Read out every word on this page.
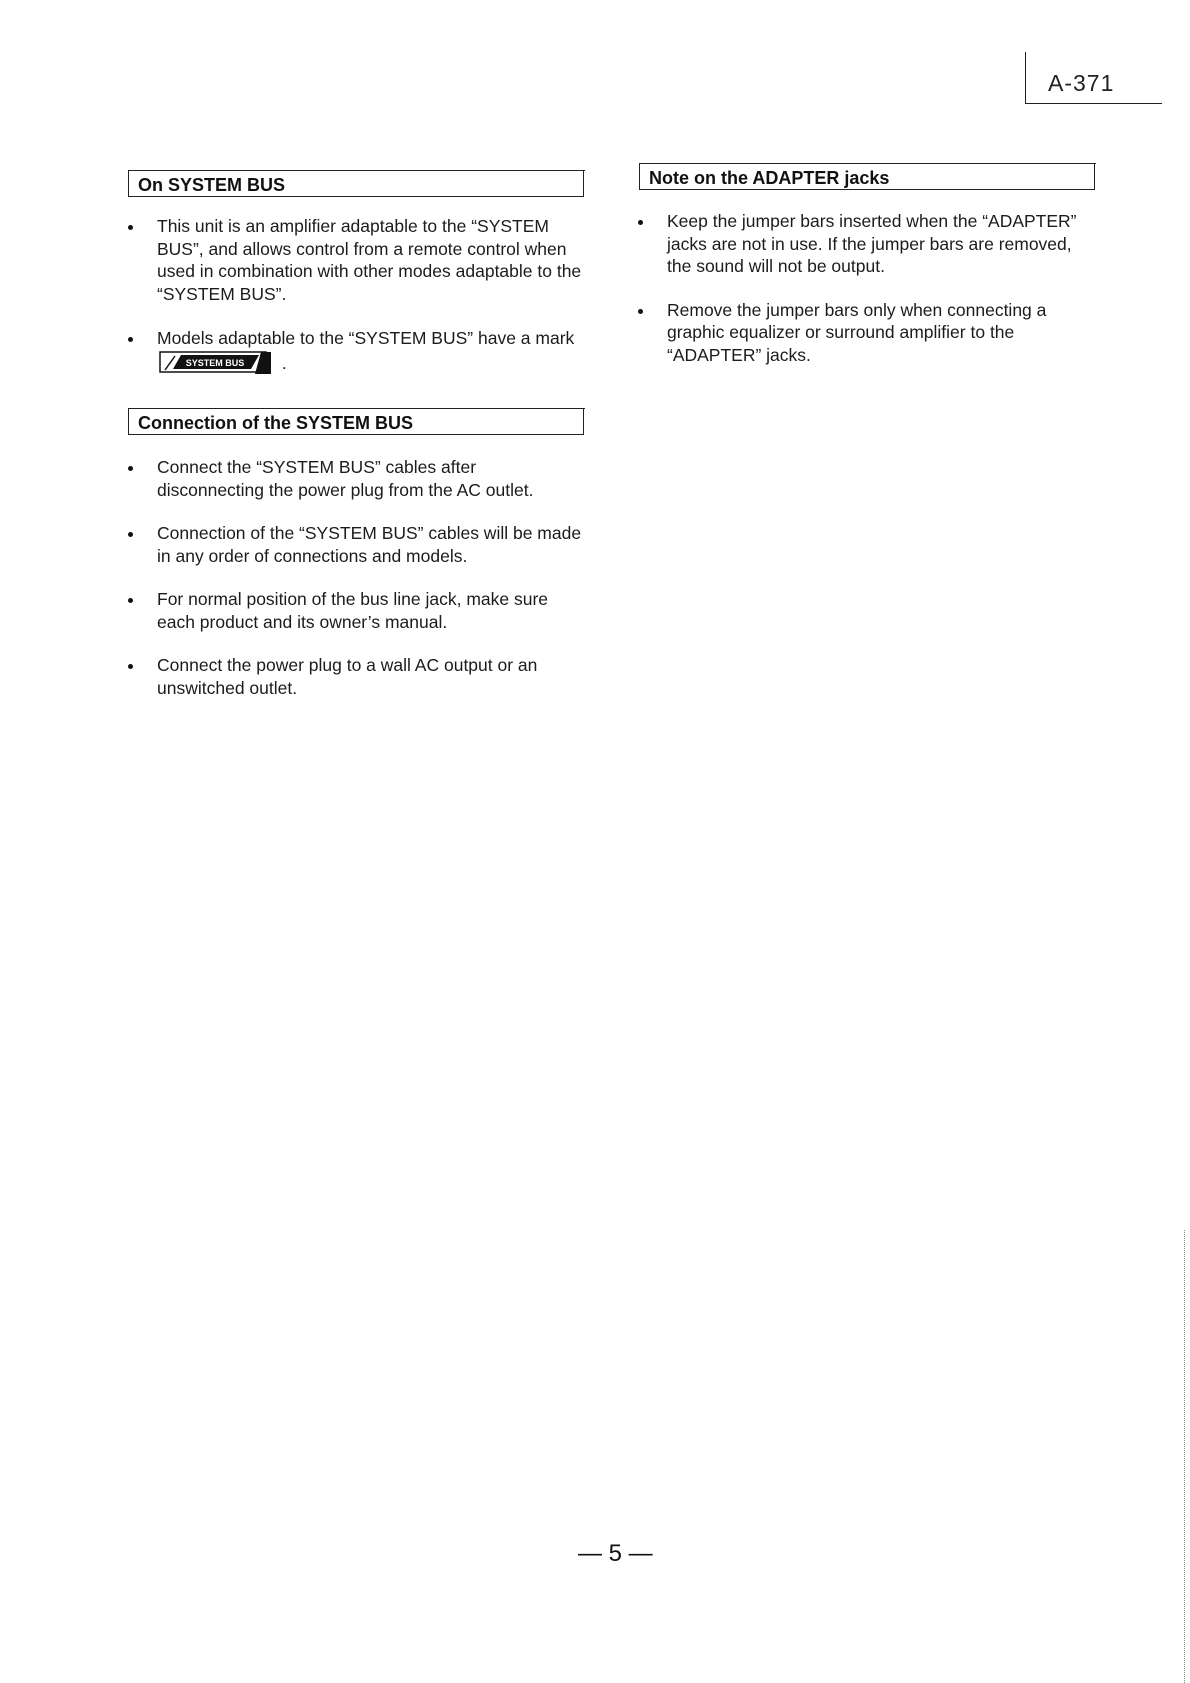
A-371
On SYSTEM BUS
This unit is an amplifier adaptable to the “SYSTEM BUS”, and allows control from a remote control when used in combination with other modes adaptable to the “SYSTEM BUS”.
Models adaptable to the “SYSTEM BUS” have a mark
SYSTEM BUS .
Connection of the SYSTEM BUS
Connect the “SYSTEM BUS” cables after disconnecting the power plug from the AC outlet.
Connection of the “SYSTEM BUS” cables will be made in any order of connections and models.
For normal position of the bus line jack, make sure each product and its owner’s manual.
Connect the power plug to a wall AC output or an unswitched outlet.
Note on the ADAPTER jacks
Keep the jumper bars inserted when the “ADAPTER” jacks are not in use. If the jumper bars are removed, the sound will not be output.
Remove the jumper bars only when connecting a graphic equalizer or surround amplifier to the “ADAPTER” jacks.
— 5 —
